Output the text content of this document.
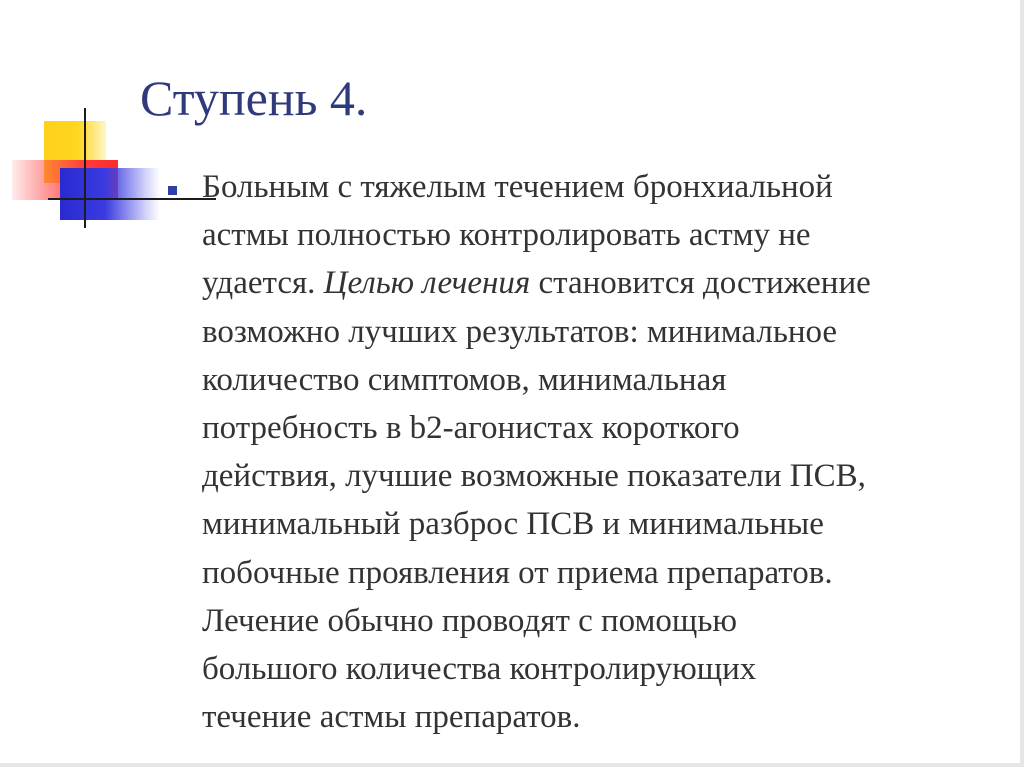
Ступень 4.

Больным с тяжелым течением бронхиальной
астмы полностью контролировать астму не
удается. Целью лечения становится достижение
возможно лучших результатов: минимальное
количество симптомов, минимальная
потребность в b2-агонистах короткого
действия, лучшие возможные показатели ПСВ,
минимальный разброс ПСВ и минимальные
побочные проявления от приема препаратов.
Лечение обычно проводят с помощью
большого количества контролирующих
течение астмы препаратов.
